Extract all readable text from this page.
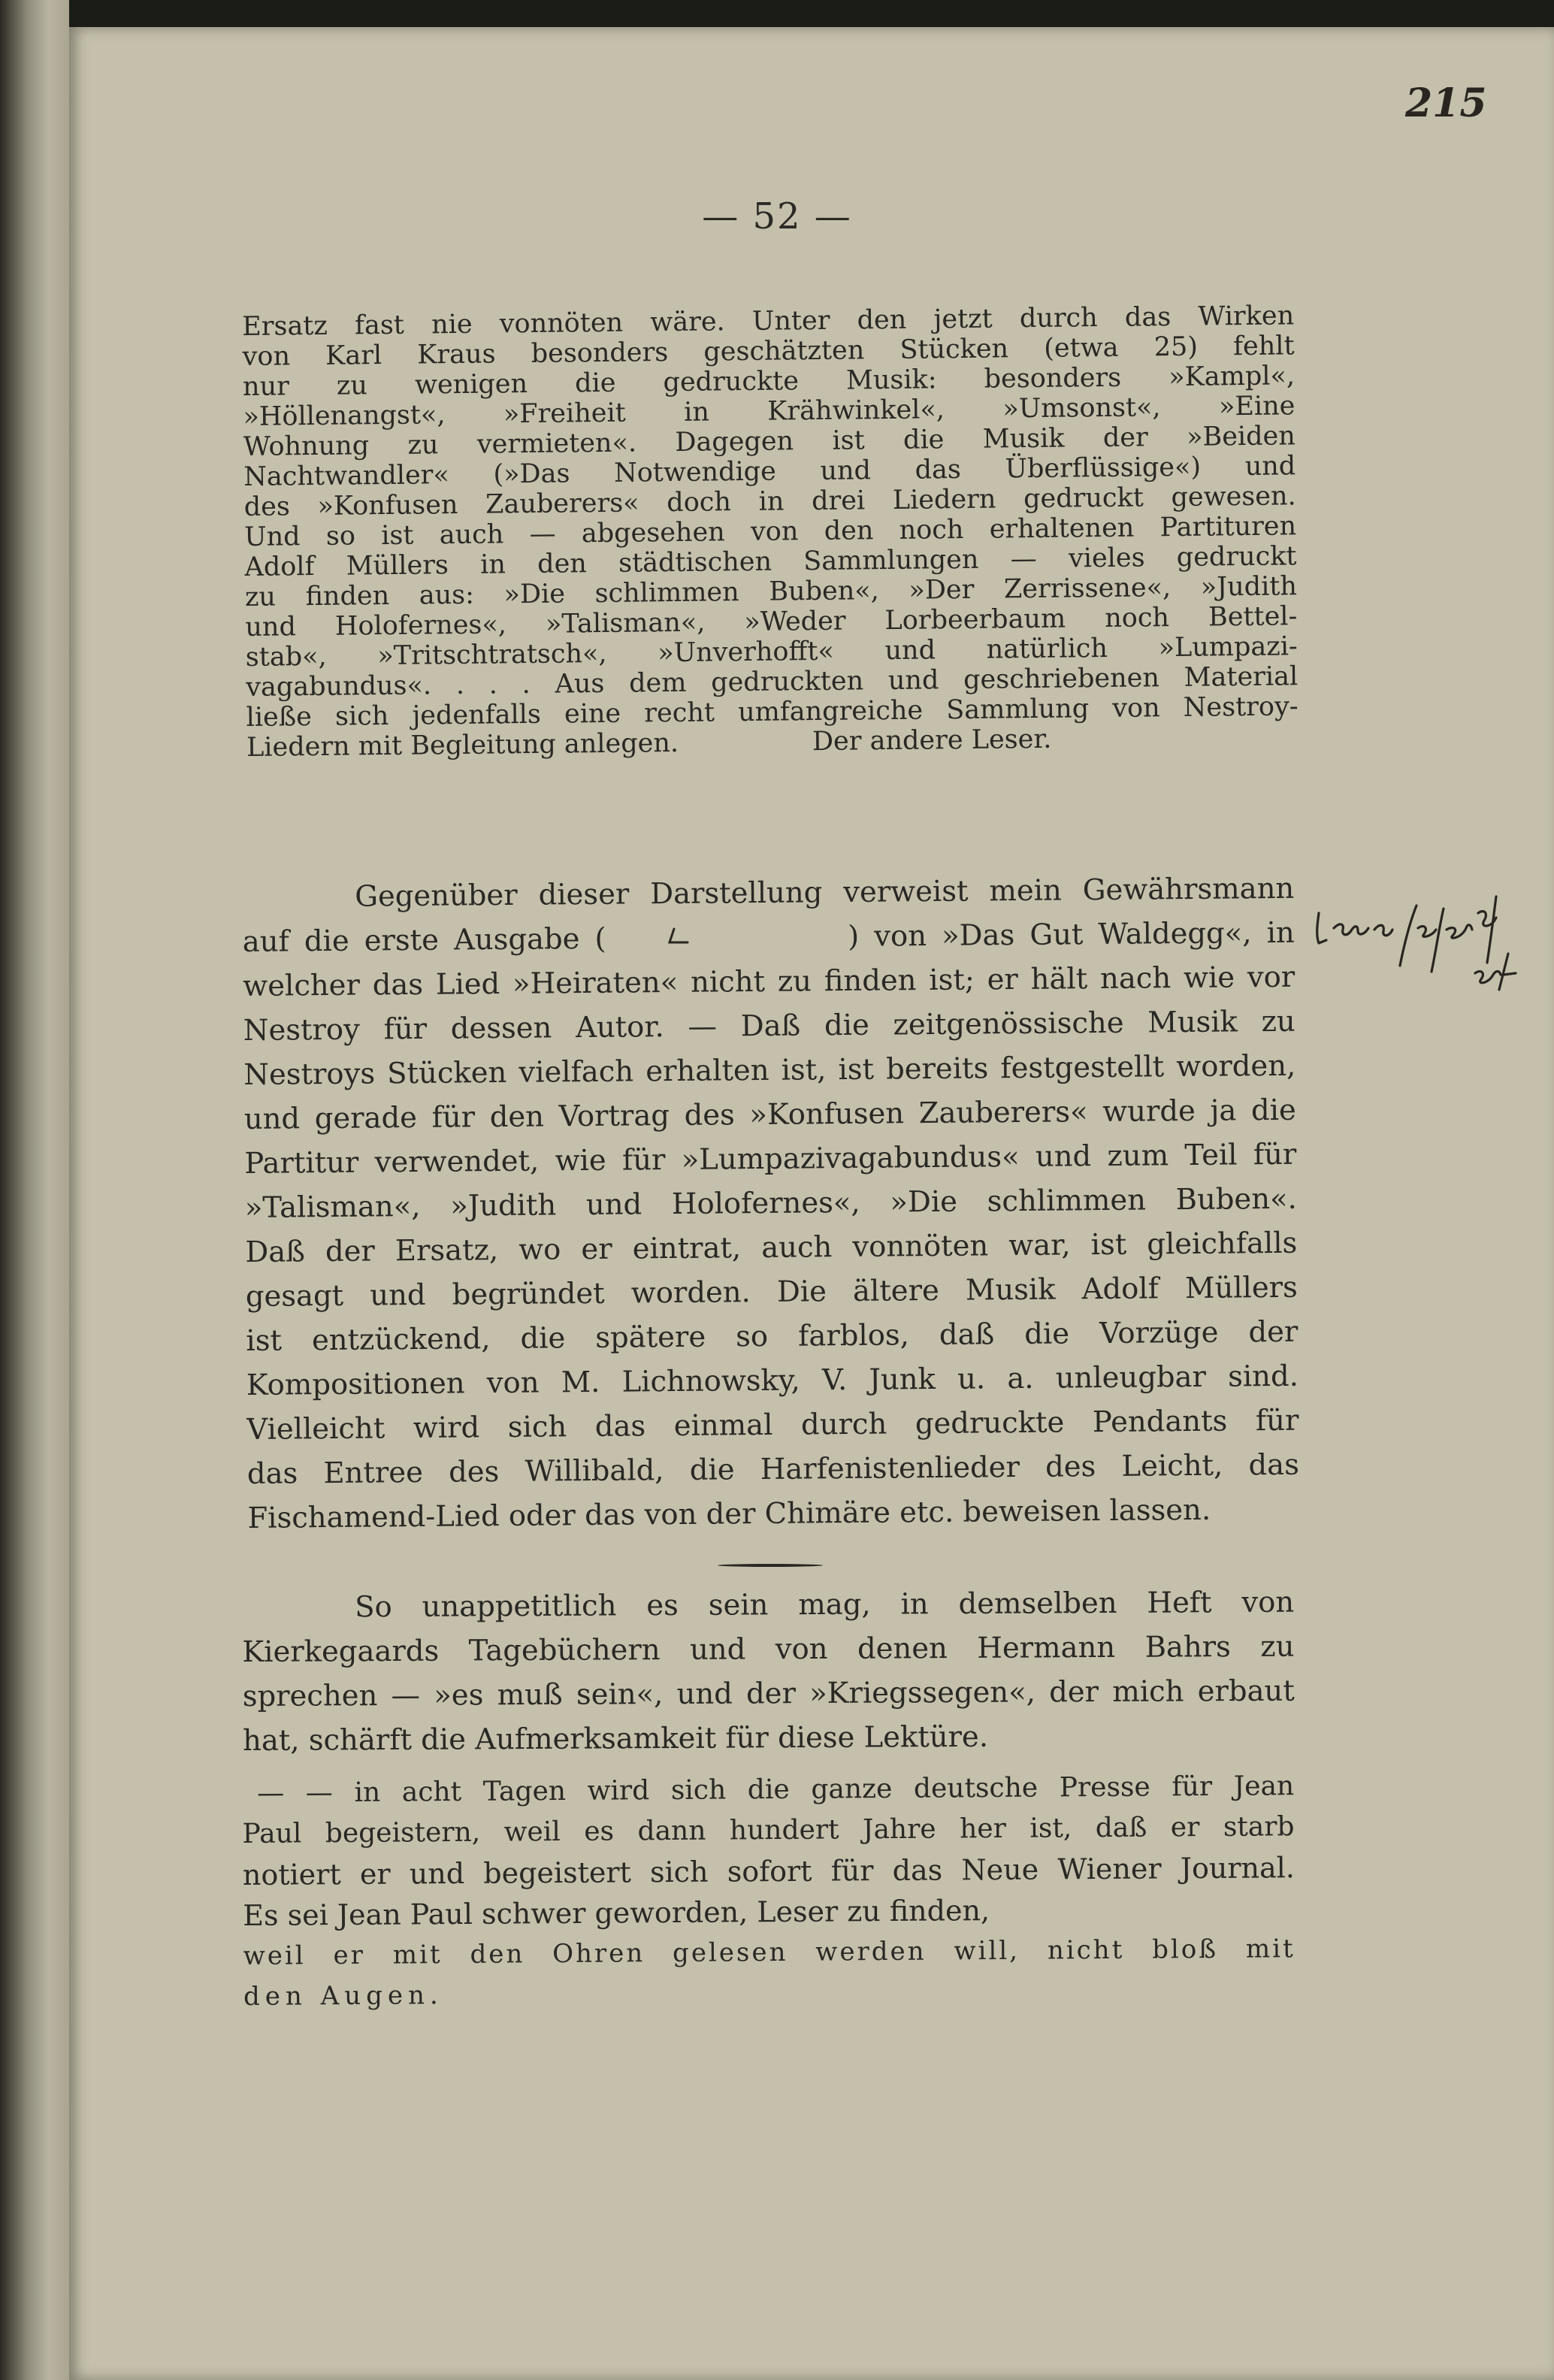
215
— 52 —
Ersatz fast nie vonnöten wäre. Unter den jetzt durch das Wirken
von Karl Kraus besonders geschätzten Stücken (etwa 25) fehlt
nur zu wenigen die gedruckte Musik: besonders »Kampl«,
»Höllenangst«, »Freiheit in Krähwinkel«, »Umsonst«, »Eine
Wohnung zu vermieten«. Dagegen ist die Musik der »Beiden
Nachtwandler« (»Das Notwendige und das Überflüssige«) und
des »Konfusen Zauberers« doch in drei Liedern gedruckt gewesen.
Und so ist auch — abgesehen von den noch erhaltenen Partituren
Adolf Müllers in den städtischen Sammlungen — vieles gedruckt
zu finden aus: »Die schlimmen Buben«, »Der Zerrissene«, »Judith
und Holofernes«, »Talisman«, »Weder Lorbeerbaum noch Bettel-
stab«, »Tritschtratsch«, »Unverhofft« und natürlich »Lumpazi-
vagabundus«. . . . Aus dem gedruckten und geschriebenen Material
ließe sich jedenfalls eine recht umfangreiche Sammlung von Nestroy-
Liedern mit Begleitung anlegen.                Der andere Leser.
Gegenüber dieser Darstellung verweist mein Gewährsmann
auf die erste Ausgabe (                ) von »Das Gut Waldegg«, in
welcher das Lied »Heiraten« nicht zu finden ist; er hält nach wie vor
Nestroy für dessen Autor. — Daß die zeitgenössische Musik zu
Nestroys Stücken vielfach erhalten ist, ist bereits festgestellt worden,
und gerade für den Vortrag des »Konfusen Zauberers« wurde ja die
Partitur verwendet, wie für »Lumpazivagabundus« und zum Teil für
»Talisman«, »Judith und Holofernes«, »Die schlimmen Buben«.
Daß der Ersatz, wo er eintrat, auch vonnöten war, ist gleichfalls
gesagt und begründet worden. Die ältere Musik Adolf Müllers
ist entzückend, die spätere so farblos, daß die Vorzüge der
Kompositionen von M. Lichnowsky, V. Junk u. a. unleugbar sind.
Vielleicht wird sich das einmal durch gedruckte Pendants für
das Entree des Willibald, die Harfenistenlieder des Leicht, das
Fischamend-Lied oder das von der Chimäre etc. beweisen lassen.
So unappetitlich es sein mag, in demselben Heft von
Kierkegaards Tagebüchern und von denen Hermann Bahrs zu
sprechen — »es muß sein«, und der »Kriegssegen«, der mich erbaut
hat, schärft die Aufmerksamkeit für diese Lektüre.
— — in acht Tagen wird sich die ganze deutsche Presse für Jean
Paul begeistern, weil es dann hundert Jahre her ist, daß er starb
notiert er und begeistert sich sofort für das Neue Wiener Journal.
Es sei Jean Paul schwer geworden, Leser zu finden,
weil er mit den Ohren gelesen werden will, nicht bloß mit
den Augen.
